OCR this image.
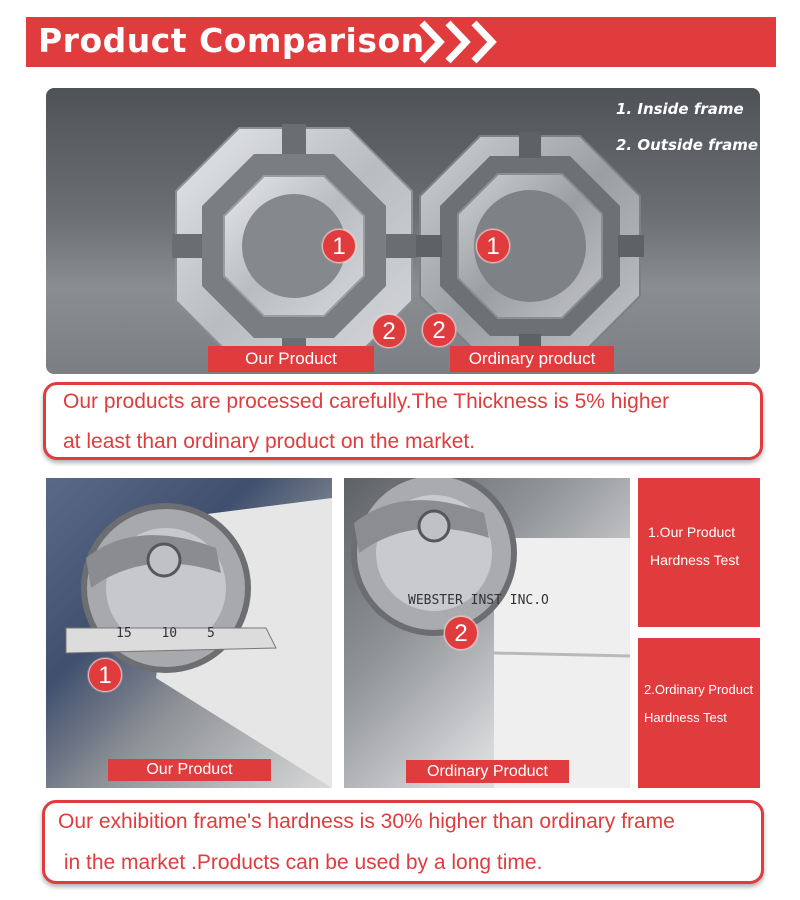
Product Comparison
1. Inside frame
2. Outside frame
1	1
2	2
Our Product	Ordinary product
Our products are processed carefully.The Thickness is 5% higher
at least than ordinary product on the market.
15 10 5
1
Our Product
WEBSTER INST INC.O
2
Ordinary Product
1.Our Product
Hardness Test
2.Ordinary Product
Hardness Test
Our exhibition frame's hardness is 30% higher than ordinary frame
in the market .Products can be used by a long time.
